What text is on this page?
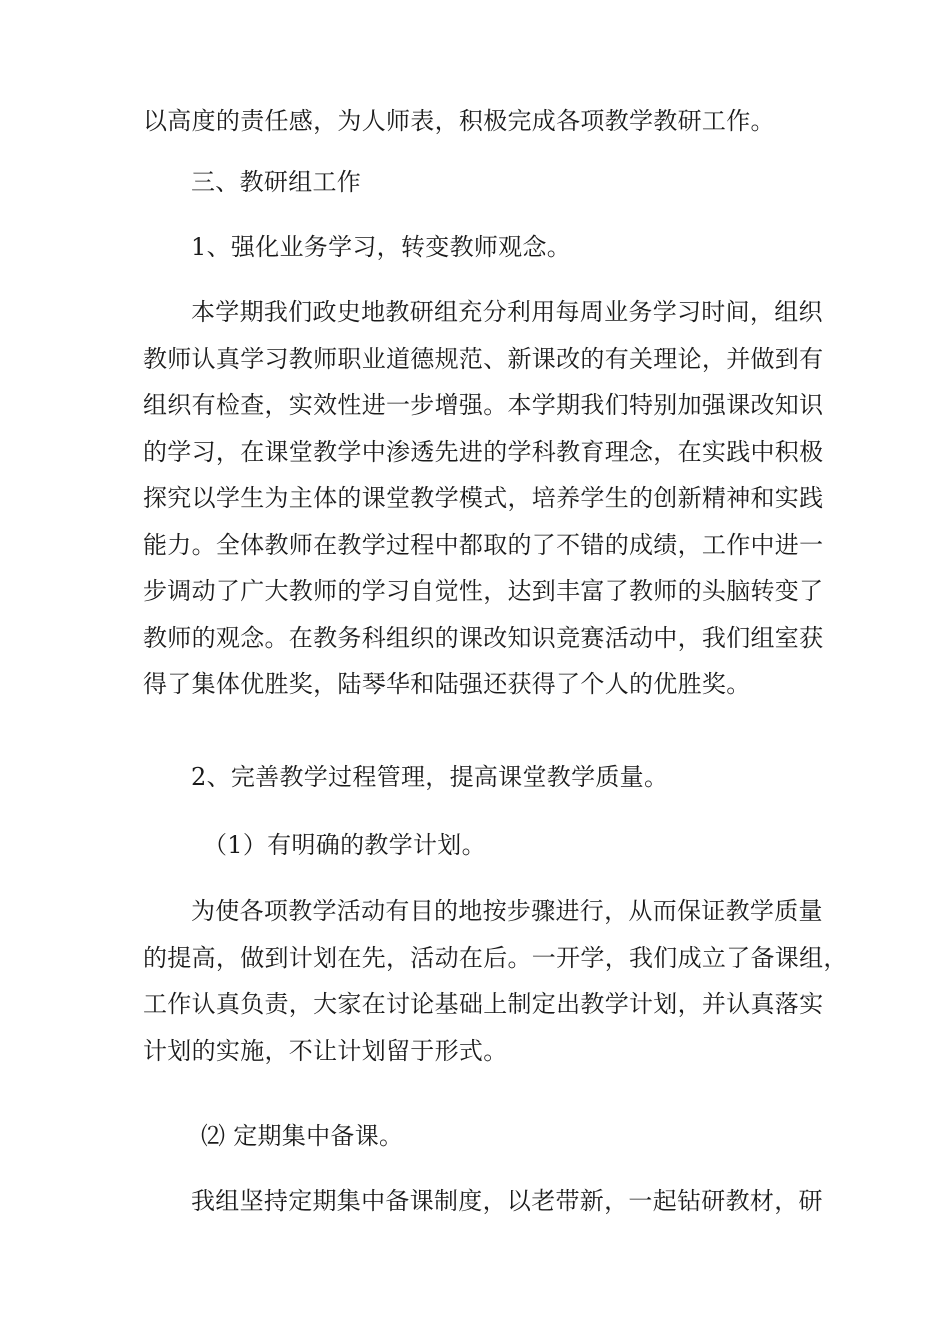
以高度的责任感，为人师表，积极完成各项教学教研工作。

三、教研组工作

1、强化业务学习，转变教师观念。

本学期我们政史地教研组充分利用每周业务学习时间，组织
教师认真学习教师职业道德规范、新课改的有关理论，并做到有
组织有检查，实效性进一步增强。本学期我们特别加强课改知识
的学习，在课堂教学中渗透先进的学科教育理念，在实践中积极
探究以学生为主体的课堂教学模式，培养学生的创新精神和实践
能力。全体教师在教学过程中都取的了不错的成绩，工作中进一
步调动了广大教师的学习自觉性，达到丰富了教师的头脑转变了
教师的观念。在教务科组织的课改知识竞赛活动中，我们组室获
得了集体优胜奖，陆琴华和陆强还获得了个人的优胜奖。

2、完善教学过程管理，提高课堂教学质量。

（1）有明确的教学计划。

为使各项教学活动有目的地按步骤进行，从而保证教学质量
的提高，做到计划在先，活动在后。一开学，我们成立了备课组，
工作认真负责，大家在讨论基础上制定出教学计划，并认真落实
计划的实施，不让计划留于形式。

⑵ 定期集中备课。

我组坚持定期集中备课制度，以老带新，一起钻研教材，研
